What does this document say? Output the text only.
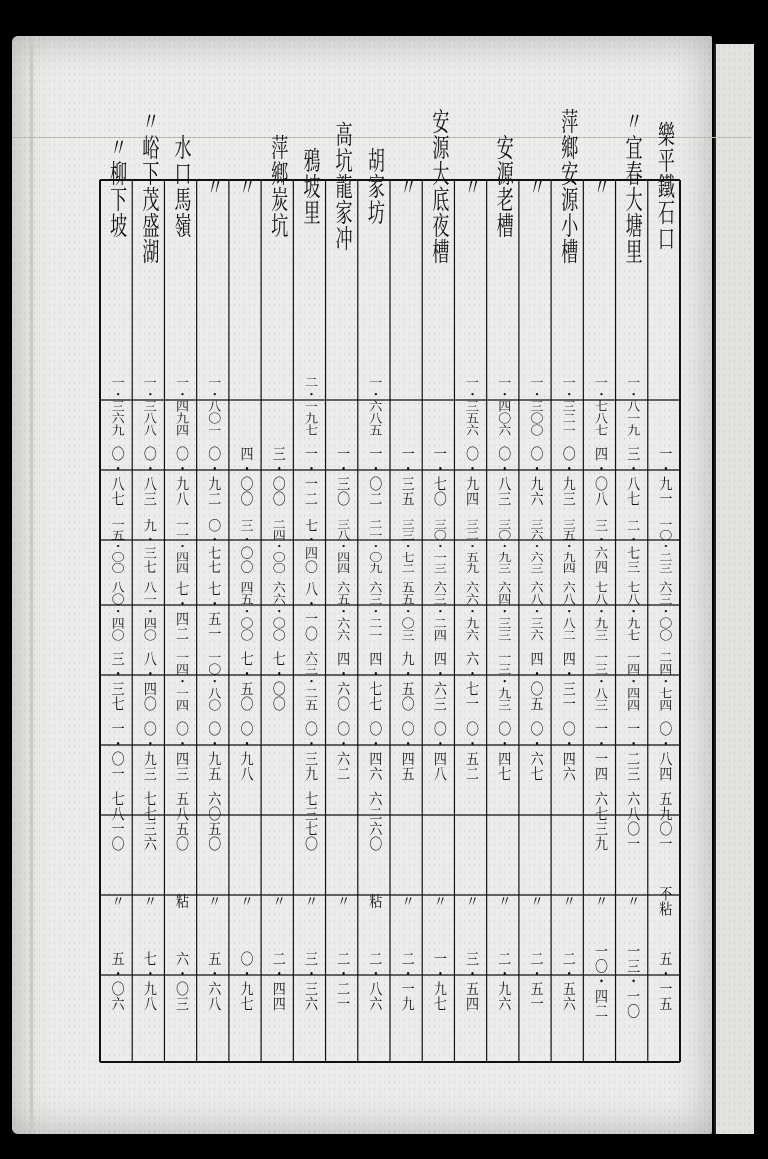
樂平鐵石口
一・九一
一〇・二三
六三・〇〇
二四・七四
〇・八四
五九〇一
不粘
五・一五
〃宜春大塘里
一・八一九
三・八七
二・七三
七八・九七
一四・四四
一・二三
六八〇一
〃
一三・一〇
〃
一・七八七
四・〇八
三・六四
七八・九三
一三・八三
一・一四
六七三九
〃
一〇・四二
萍鄉安源小槽
一・三二一
〇・九三
三五・九四
六八・八二
四・三一
〇・四六
〃
二・五六
〃
一・三〇〇
〇・九六
三六・六三
六八・三六
四・〇五
〇・六七
〃
二・五一
安源老槽
一・四〇六
〇・八三
三〇・九三
六四・三三
一三・九三
〇・四七
〃
二・九六
〃
一・三五六
〇・九四
三二・五九
六六・九六
六・七一
〇・五二
〃
三・五四
安源大底夜槽
一・七〇
三〇・一三
六三・二四
四・六三
〇・四八
〃
一・九七
〃
一・三五
三三・七二
五五・〇三
九・五〇
〇・四五
〃
二・一九
胡家坊
一・六八五
一・〇二
二一・〇九
六三・二一
四・七七
〇・四六
六二六〇
粘
二・八六
高坑龍家冲
一・三〇
三八・四四
六五・六六
四・六〇
〇・六二
〃
二・二一
鴉坡里
二・一九七
一・一二
七・四〇
八・一〇
六三・二五
〇・三九
七三七〇
〃
三・三六
萍鄉炭坑
三・〇〇
二四・〇〇
六六・〇〇
七・〇〇
〃
二・四四
〃
四・〇〇
三・〇〇
四五・〇〇
七・五〇
〇・九八
〃
〇・九七
〃
一・八〇一
〇・九二
〇・七七
七・五一
一〇・八〇
〇・九五
六〇五〇
〃
五・六八
水口馬嶺
一・四九四
〇・九八
一一・四四
七・四二
一四・一四
〇・四三
五八五〇
粘
六・〇三
〃峪下茂盛湖
一・三八八
〇・八三
九・三七
八一・四〇
八・四〇
〇・九三
七七三六
〃
七・九八
〃柳下坡
一・三六九
〇・八七
一五・〇〇
八〇・四〇
三・三七
一・〇一
七八一〇
〃
五・〇六
